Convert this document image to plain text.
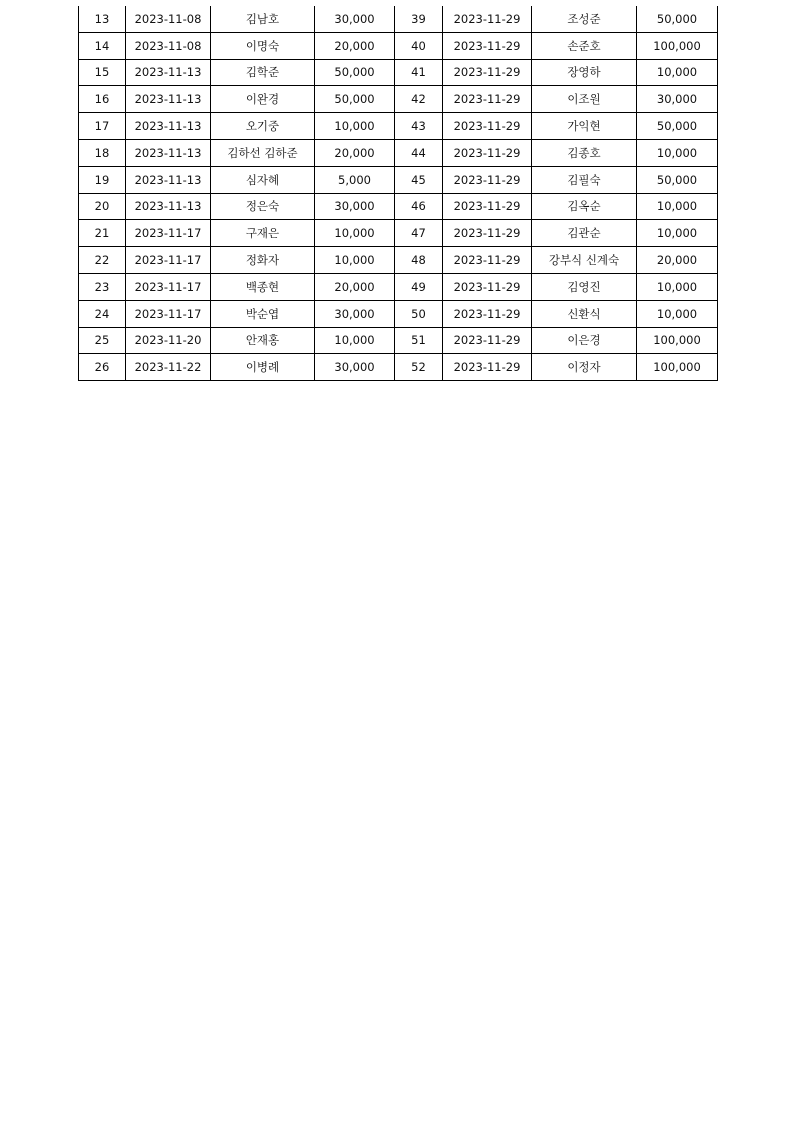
13	2023-11-08	김남호	30,000	39	2023-11-29	조성준	50,000
14	2023-11-08	이명숙	20,000	40	2023-11-29	손준호	100,000
15	2023-11-13	김학준	50,000	41	2023-11-29	장영하	10,000
16	2023-11-13	이완경	50,000	42	2023-11-29	이조원	30,000
17	2023-11-13	오기중	10,000	43	2023-11-29	가익현	50,000
18	2023-11-13	김하선 김하준	20,000	44	2023-11-29	김종호	10,000
19	2023-11-13	심자혜	5,000	45	2023-11-29	김필숙	50,000
20	2023-11-13	정은숙	30,000	46	2023-11-29	김옥순	10,000
21	2023-11-17	구재은	10,000	47	2023-11-29	김관순	10,000
22	2023-11-17	정화자	10,000	48	2023-11-29	강부식 신계숙	20,000
23	2023-11-17	백종현	20,000	49	2023-11-29	김영진	10,000
24	2023-11-17	박순엽	30,000	50	2023-11-29	신환식	10,000
25	2023-11-20	안재홍	10,000	51	2023-11-29	이은경	100,000
26	2023-11-22	이병례	30,000	52	2023-11-29	이정자	100,000
